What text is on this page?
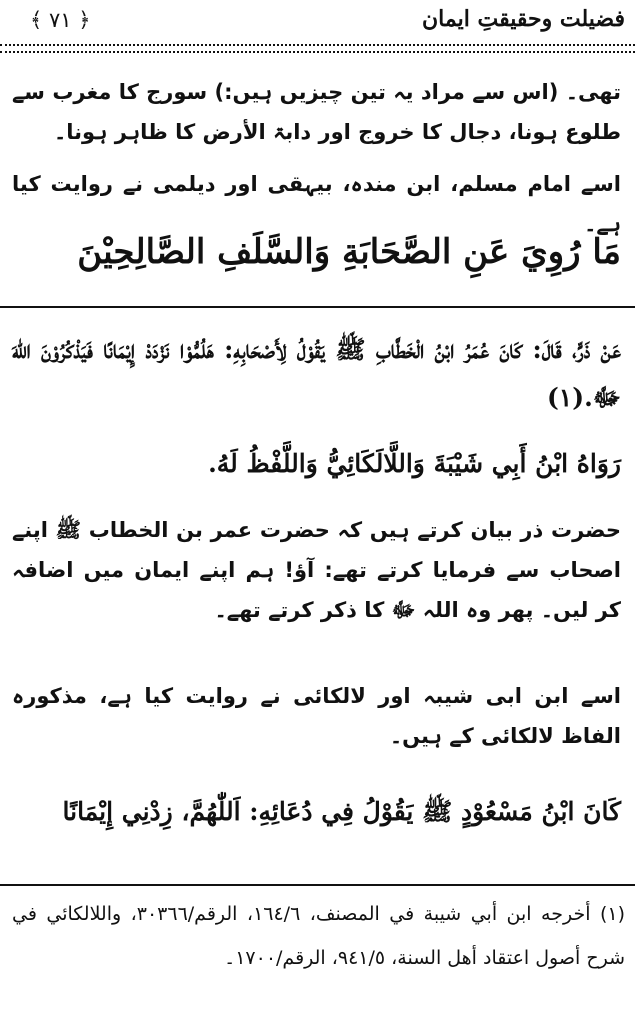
﴿ ۷۱ ﴾	فضیلت وحقیقتِ ایمان
تھی۔ (اس سے مراد یہ تین چیزیں ہیں:) سورج کا مغرب سے طلوع ہونا، دجال کا خروج اور دابۃ الأرض کا ظاہر ہونا۔
اسے امام مسلم، ابن مندہ، بیہقی اور دیلمی نے روایت کیا ہے۔
مَا رُوِيَ عَنِ الصَّحَابَةِ وَالسَّلَفِ الصَّالِحِيْنَ
عَنْ ذَرٍّ، قَالَ: كَانَ عُمَرُ ابْنُ الْخَطَّابِ ﷺ يَقُوْلُ لِأَصْحَابِهِ: هَلُمُّوْا نَزْدَدْ إِيْمَانًا فَيَذْكُرُوْنَ اللهَ ﷻ.(١)
رَوَاهُ ابْنُ أَبِي شَيْبَةَ وَاللَّالَكَائِيُّ وَاللَّفْظُ لَهُ.
حضرت ذر بیان کرتے ہیں کہ حضرت عمر بن الخطاب ﷺ اپنے اصحاب سے فرمایا کرتے تھے: آؤ! ہم اپنے ایمان میں اضافہ کر لیں۔ پھر وہ اللہ ﷻ کا ذکر کرتے تھے۔
اسے ابن ابی شیبہ اور لالکائی نے روایت کیا ہے، مذکورہ الفاظ لالکائی کے ہیں۔
كَانَ ابْنُ مَسْعُوْدٍ ﷺ يَقُوْلُ فِي دُعَائِهِ: اَللّٰهُمَّ، زِدْنِي إِيْمَانًا
(١) أخرجه ابن أبي شيبة في المصنف، ١٦٤/٦، الرقم/٣٠٣٦٦، واللالكائي في شرح أصول اعتقاد أهل السنة، ٩٤١/٥، الرقم/١٧٠٠۔
